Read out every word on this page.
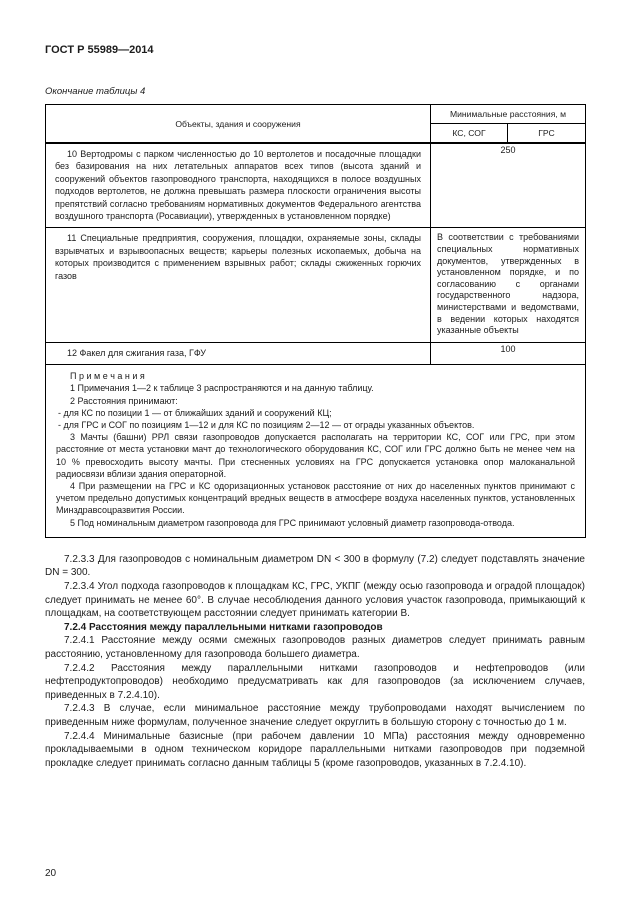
ГОСТ Р 55989—2014
Окончание таблицы 4
Объекты, здания и сооружения	Минимальные расстояния, м	
	КС, СОГ	ГРС
10 Вертодромы с парком численностью до 10 вертолетов и посадочные площадки без базирования на них летательных аппаратов всех типов (высота зданий и сооружений объектов газопроводного транспорта, находящихся в полосе воздушных подходов вертолетов, не должна превышать размера плоскости ограничения высоты препятствий согласно требованиям нормативных документов Федерального агентства воздушного транспорта (Росавиации), утвержденных в установленном порядке)	250	
11 Специальные предприятия, сооружения, площадки, охраняемые зоны, склады взрывчатых и взрывоопасных веществ; карьеры полезных ископаемых, добыча на которых производится с применением взрывных работ; склады сжиженных горючих газов	В соответствии с требованиями специальных нормативных документов, утвержденных в установленном порядке, и по согласованию с органами государственного надзора, министерствами и ведомствами, в ведении которых находятся указанные объекты
12 Факел для сжигания газа, ГФУ	100	

П р и м е ч а н и я
1 Примечания 1—2 к таблице 3 распространяются и на данную таблицу.
2 Расстояния принимают:
- для КС по позиции 1 — от ближайших зданий и сооружений КЦ;
- для ГРС и СОГ по позициям 1—12 и для КС по позициям 2—12 — от ограды указанных объектов.
3 Мачты (башни) РРЛ связи газопроводов допускается располагать на территории КС, СОГ или ГРС, при этом расстояние от места установки мачт до технологического оборудования КС, СОГ или ГРС должно быть не менее чем на 10 % превосходить высоту мачты. При стесненных условиях на ГРС допускается установка опор малоканальной радиосвязи вблизи здания операторной.
4 При размещении на ГРС и КС одоризационных установок расстояние от них до населенных пунктов принимают с учетом предельно допустимых концентраций вредных веществ в атмосфере воздуха населенных пунктов, установленных Минздравсоцразвития России.
5 Под номинальным диаметром газопровода для ГРС принимают условный диаметр газопровода-отвода.

7.2.3.3 Для газопроводов с номинальным диаметром DN < 300 в формулу (7.2) следует подставлять значение DN = 300.

7.2.3.4 Угол подхода газопроводов к площадкам КС, ГРС, УКПГ (между осью газопровода и оградой площадок) следует принимать не менее 60°. В случае несоблюдения данного условия участок газопровода, примыкающий к площадкам, на соответствующем расстоянии следует принимать категории В.

7.2.4 Расстояния между параллельными нитками газопроводов

7.2.4.1 Расстояние между осями смежных газопроводов разных диаметров следует принимать равным расстоянию, установленному для газопровода большего диаметра.

7.2.4.2 Расстояния между параллельными нитками газопроводов и нефтепроводов (или нефтепродуктопроводов) необходимо предусматривать как для газопроводов (за исключением случаев, приведенных в 7.2.4.10).

7.2.4.3 В случае, если минимальное расстояние между трубопроводами находят вычислением по приведенным ниже формулам, полученное значение следует округлить в большую сторону с точностью до 1 м.

7.2.4.4 Минимальные базисные (при рабочем давлении 10 МПа) расстояния между одновременно прокладываемыми в одном техническом коридоре параллельными нитками газопроводов при подземной прокладке следует принимать согласно данным таблицы 5 (кроме газопроводов, указанных в 7.2.4.10).

20
